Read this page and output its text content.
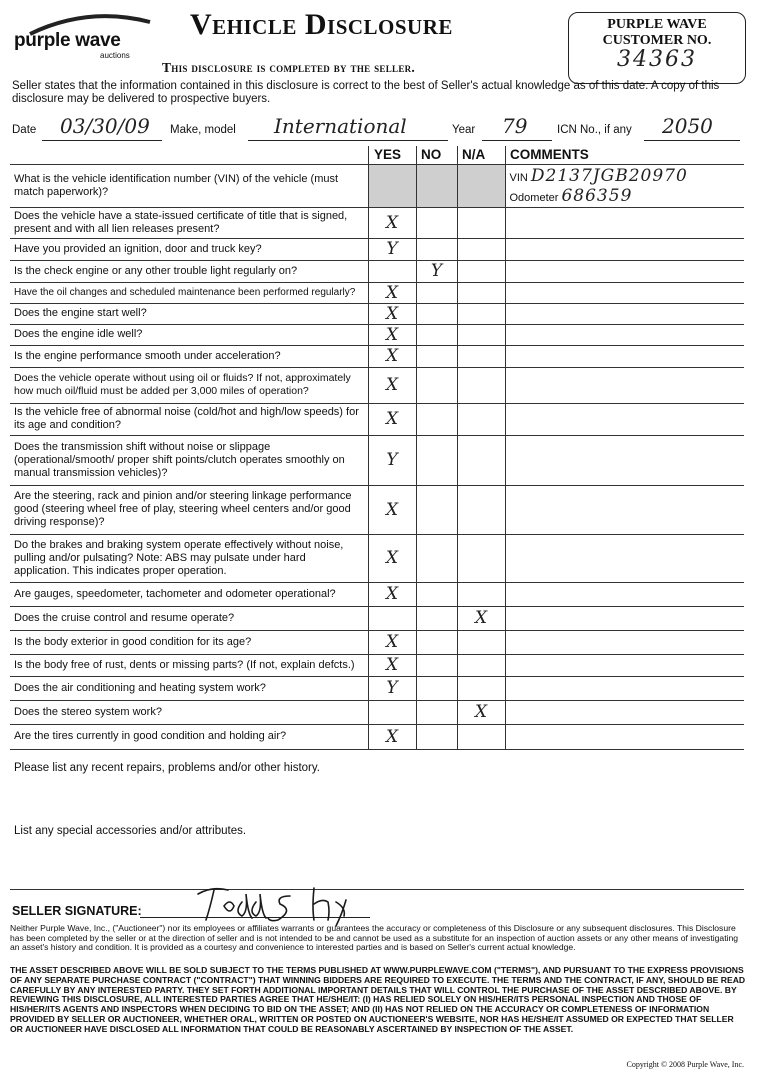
purple wave
auctions
Vehicle Disclosure
This disclosure is completed by the seller.
PURPLE WAVE
CUSTOMER NO.
34363
Seller states that the information contained in this disclosure is correct to the best of Seller's actual knowledge as of this date. A copy of this disclosure may be delivered to prospective buyers.
Date 03/30/09 Make, model International	Year 79	ICN No., if any 2050
YES NO N/A COMMENTS

What is the vehicle identification number (VIN) of the vehicle (must match paperwork)?				VIN D2137JGB20970
Odometer 686359

Does the vehicle have a state-issued certificate of title that is signed, present and with all lien releases present?	X			
Have you provided an ignition, door and truck key?	Y			
Is the check engine or any other trouble light regularly on?		Y		
Have the oil changes and scheduled maintenance been performed regularly?	X			
Does the engine start well?	X			
Does the engine idle well?	X			
Is the engine performance smooth under acceleration?	X			
Does the vehicle operate without using oil or fluids? If not, approximately how much oil/fluid must be added per 3,000 miles of operation?	X			
Is the vehicle free of abnormal noise (cold/hot and high/low speeds) for its age and condition?	X			
Does the transmission shift without noise or slippage (operational/smooth/ proper shift points/clutch operates smoothly on manual transmission vehicles)?	Y			
Are the steering, rack and pinion and/or steering linkage performance good (steering wheel free of play, steering wheel centers and/or good driving response)?	X			
Do the brakes and braking system operate effectively without noise, pulling and/or pulsating? Note: ABS may pulsate under hard application. This indicates proper operation.	X			
Are gauges, speedometer, tachometer and odometer operational?	X			
Does the cruise control and resume operate?			X	
Is the body exterior in good condition for its age?	X			
Is the body free of rust, dents or missing parts? (If not, explain defcts.)	X			
Does the air conditioning and heating system work?	Y			
Does the stereo system work?			X	
Are the tires currently in good condition and holding air?	X			
Please list any recent repairs, problems and/or other history.
List any special accessories and/or attributes.
SELLER SIGNATURE:
Neither Purple Wave, Inc., ("Auctioneer") nor its employees or affiliates warrants or guarantees the accuracy or completeness of this Disclosure or any subsequent disclosures. This Disclosure has been completed by the seller or at the direction of seller and is not intended to be and cannot be used as a substitute for an inspection of auction assets or any other means of investigating an asset's history and condition. It is provided as a courtesy and convenience to interested parties and is based on Seller's current actual knowledge.
THE ASSET DESCRIBED ABOVE WILL BE SOLD SUBJECT TO THE TERMS PUBLISHED AT WWW.PURPLEWAVE.COM ("TERMS"), AND PURSUANT TO THE EXPRESS PROVISIONS OF ANY SEPARATE PURCHASE CONTRACT ("CONTRACT") THAT WINNING BIDDERS ARE REQUIRED TO EXECUTE. THE TERMS AND THE CONTRACT, IF ANY, SHOULD BE READ CAREFULLY BY ANY INTERESTED PARTY. THEY SET FORTH ADDITIONAL IMPORTANT DETAILS THAT WILL CONTROL THE PURCHASE OF THE ASSET DESCRIBED ABOVE. BY REVIEWING THIS DISCLOSURE, ALL INTERESTED PARTIES AGREE THAT HE/SHE/IT: (I) HAS RELIED SOLELY ON HIS/HER/ITS PERSONAL INSPECTION AND THOSE OF HIS/HER/ITS AGENTS AND INSPECTORS WHEN DECIDING TO BID ON THE ASSET; AND (II) HAS NOT RELIED ON THE ACCURACY OR COMPLETENESS OF INFORMATION PROVIDED BY SELLER OR AUCTIONEER, WHETHER ORAL, WRITTEN OR POSTED ON AUCTIONEER'S WEBSITE, NOR HAS HE/SHE/IT ASSUMED OR EXPECTED THAT SELLER OR AUCTIONEER HAVE DISCLOSED ALL INFORMATION THAT COULD BE REASONABLY ASCERTAINED BY INSPECTION OF THE ASSET.
Copyright © 2008 Purple Wave, Inc.
